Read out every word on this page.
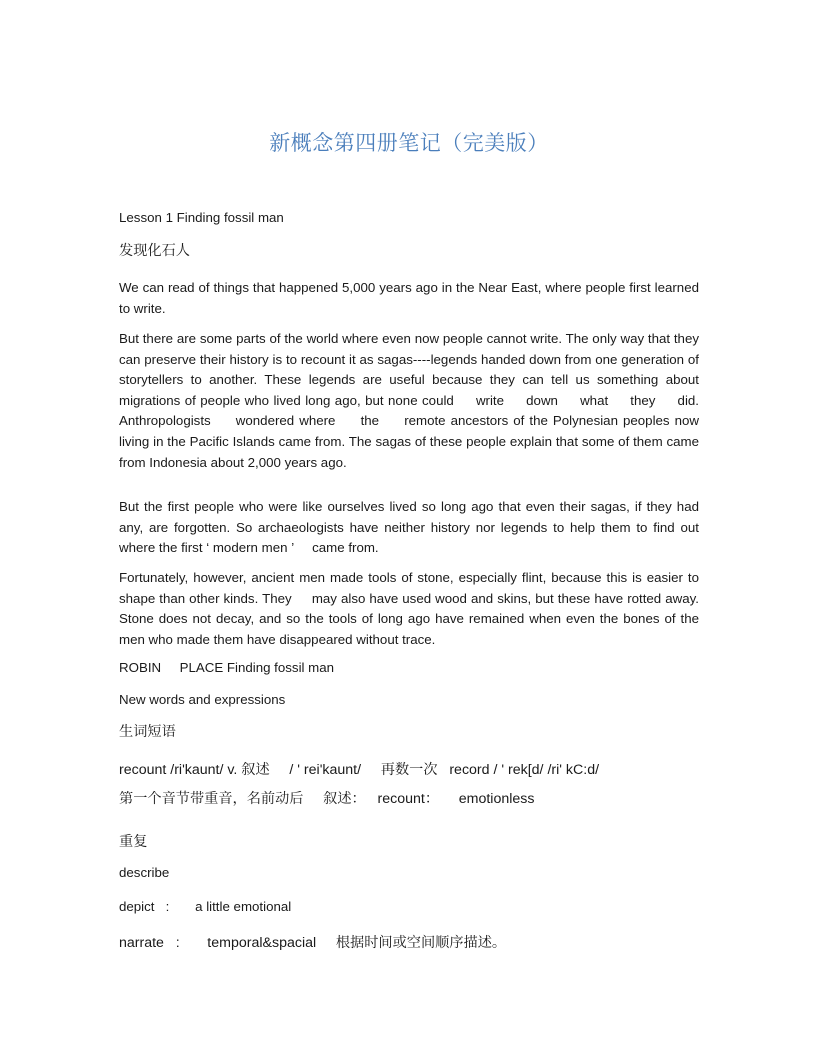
新概念第四册笔记（完美版）
Lesson 1 Finding fossil man
发现化石人
We can read of things that happened 5,000 years ago in the Near East, where people first learned to write.
But there are some parts of the world where even now people cannot write. The only way that they can preserve their history is to recount it as sagas----legends handed down from one generation of storytellers to another. These legends are useful because they can tell us something about migrations of people who lived long ago, but none could     write     down     what     they     did.     Anthropologists     wondered where     the     remote ancestors of the Polynesian peoples now living in the Pacific Islands came from. The sagas of these people explain that some of them came from Indonesia about 2,000 years ago.
But the first people who were like ourselves lived so long ago that even their sagas, if they had any, are forgotten. So archaeologists have neither history nor legends to help them to find out where the first ‘ modern men ’     came from.
Fortunately, however, ancient men made tools of stone, especially flint, because this is easier to shape than other kinds. They     may also have used wood and skins, but these have rotted away. Stone does not decay, and so the tools of long ago have remained when even the bones of the men who made them have disappeared without trace.
ROBIN     PLACE Finding fossil man
New words and expressions
生词短语
recount /ri'kaunt/ v. 叙述     / ' rei'kaunt/     再数一次   record / ' rek[d/ /ri' kC:d/
第一个音节带重音，名前动后     叙述：   recount：     emotionless
重复
describe
depict   :       a little emotional
narrate   :       temporal&spacial     根据时间或空间顺序描述。
